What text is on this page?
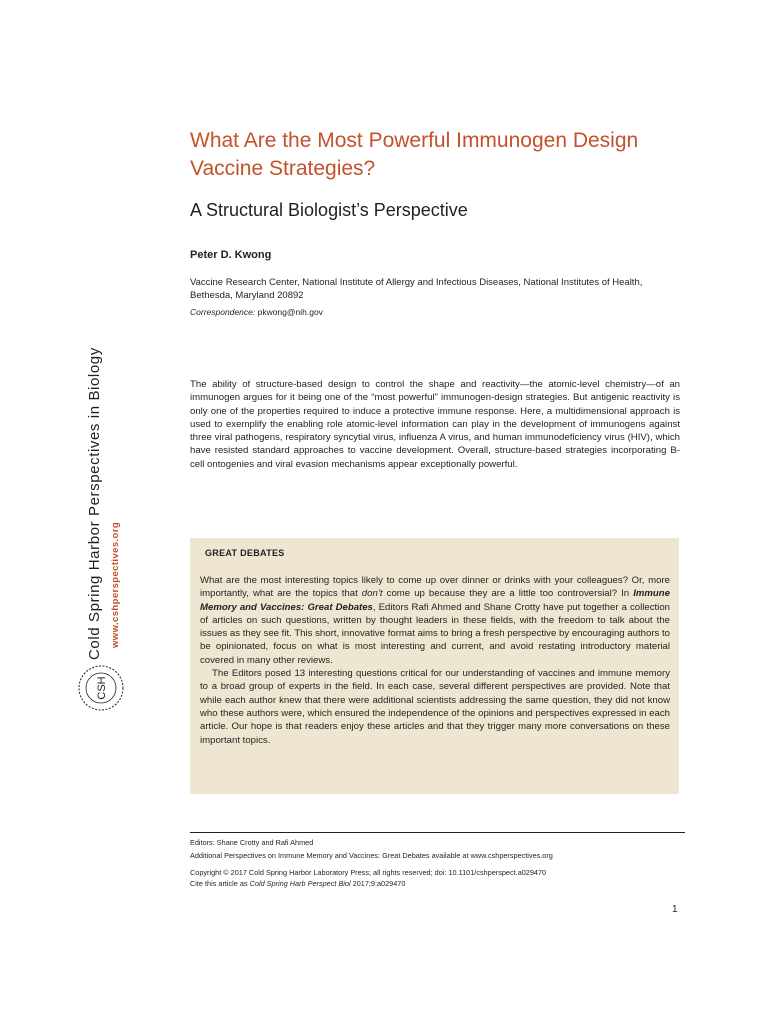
Cold Spring Harbor Perspectives in Biology www.cshperspectives.org
CSH
What Are the Most Powerful Immunogen Design
Vaccine Strategies?
A Structural Biologist’s Perspective
Peter D. Kwong
Vaccine Research Center, National Institute of Allergy and Infectious Diseases, National Institutes of Health,
Bethesda, Maryland 20892
Correspondence: pkwong@nih.gov
The ability of structure-based design to control the shape and reactivity—the atomic-level chemistry—of an immunogen argues for it being one of the “most powerful” immunogen-design strategies. But antigenic reactivity is only one of the properties required to induce a protective immune response. Here, a multidimensional approach is used to exemplify the enabling role atomic-level information can play in the development of immunogens against three viral pathogens, respiratory syncytial virus, influenza A virus, and human immunodeficiency virus (HIV), which have resisted standard approaches to vaccine development. Overall, structure-based strategies incorporating B-cell ontogenies and viral evasion mechanisms appear exceptionally powerful.
GREAT DEBATES

What are the most interesting topics likely to come up over dinner or drinks with your colleagues? Or, more importantly, what are the topics that don’t come up because they are a little too controversial? In Immune Memory and Vaccines: Great Debates, Editors Rafi Ahmed and Shane Crotty have put together a collection of articles on such questions, written by thought leaders in these fields, with the freedom to talk about the issues as they see fit. This short, innovative format aims to bring a fresh perspective by encouraging authors to be opinionated, focus on what is most interesting and current, and avoid restating introductory material covered in many other reviews.

The Editors posed 13 interesting questions critical for our understanding of vaccines and immune memory to a broad group of experts in the field. In each case, several different perspectives are provided. Note that while each author knew that there were additional scientists addressing the same question, they did not know who these authors were, which ensured the independence of the opinions and perspectives expressed in each article. Our hope is that readers enjoy these articles and that they trigger many more conversations on these important topics.

Editors: Shane Crotty and Rafi Ahmed
Additional Perspectives on Immune Memory and Vaccines: Great Debates available at www.cshperspectives.org
Copyright © 2017 Cold Spring Harbor Laboratory Press; all rights reserved; doi: 10.1101/cshperspect.a029470
Cite this article as Cold Spring Harb Perspect Biol 2017;9:a029470
1
